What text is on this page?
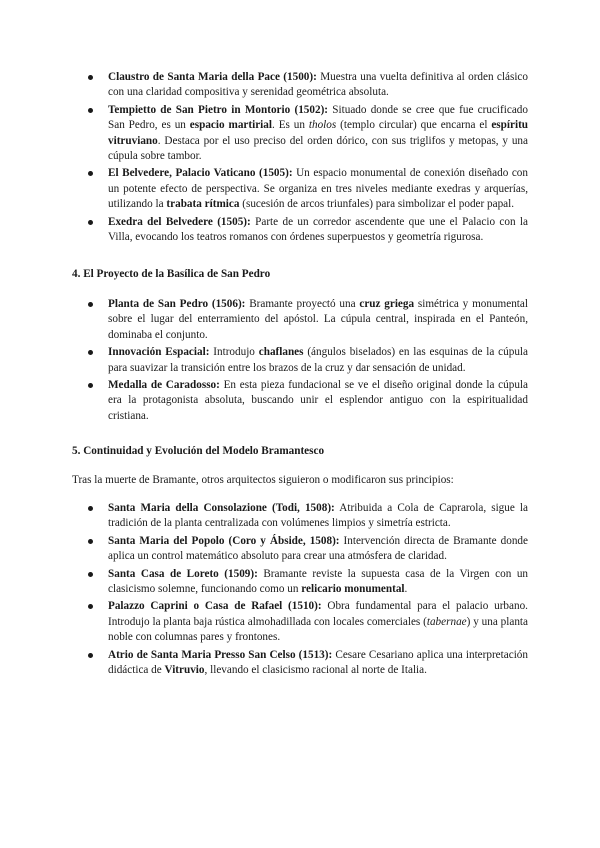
Claustro de Santa Maria della Pace (1500): Muestra una vuelta definitiva al orden clásico con una claridad compositiva y serenidad geométrica absoluta.
Tempietto de San Pietro in Montorio (1502): Situado donde se cree que fue crucificado San Pedro, es un espacio martirial. Es un tholos (templo circular) que encarna el espíritu vitruviano. Destaca por el uso preciso del orden dórico, con sus triglifos y metopas, y una cúpula sobre tambor.
El Belvedere, Palacio Vaticano (1505): Un espacio monumental de conexión diseñado con un potente efecto de perspectiva. Se organiza en tres niveles mediante exedras y arquerías, utilizando la trabata rítmica (sucesión de arcos triunfales) para simbolizar el poder papal.
Exedra del Belvedere (1505): Parte de un corredor ascendente que une el Palacio con la Villa, evocando los teatros romanos con órdenes superpuestos y geometría rigurosa.

4. El Proyecto de la Basílica de San Pedro

Planta de San Pedro (1506): Bramante proyectó una cruz griega simétrica y monumental sobre el lugar del enterramiento del apóstol. La cúpula central, inspirada en el Panteón, dominaba el conjunto.
Innovación Espacial: Introdujo chaflanes (ángulos biselados) en las esquinas de la cúpula para suavizar la transición entre los brazos de la cruz y dar sensación de unidad.
Medalla de Caradosso: En esta pieza fundacional se ve el diseño original donde la cúpula era la protagonista absoluta, buscando unir el esplendor antiguo con la espiritualidad cristiana.

5. Continuidad y Evolución del Modelo Bramantesco

Tras la muerte de Bramante, otros arquitectos siguieron o modificaron sus principios:

Santa Maria della Consolazione (Todi, 1508): Atribuida a Cola de Caprarola, sigue la tradición de la planta centralizada con volúmenes limpios y simetría estricta.
Santa Maria del Popolo (Coro y Ábside, 1508): Intervención directa de Bramante donde aplica un control matemático absoluto para crear una atmósfera de claridad.
Santa Casa de Loreto (1509): Bramante reviste la supuesta casa de la Virgen con un clasicismo solemne, funcionando como un relicario monumental.
Palazzo Caprini o Casa de Rafael (1510): Obra fundamental para el palacio urbano. Introdujo la planta baja rústica almohadillada con locales comerciales (tabernae) y una planta noble con columnas pares y frontones.
Atrio de Santa Maria Presso San Celso (1513): Cesare Cesariano aplica una interpretación didáctica de Vitruvio, llevando el clasicismo racional al norte de Italia.
